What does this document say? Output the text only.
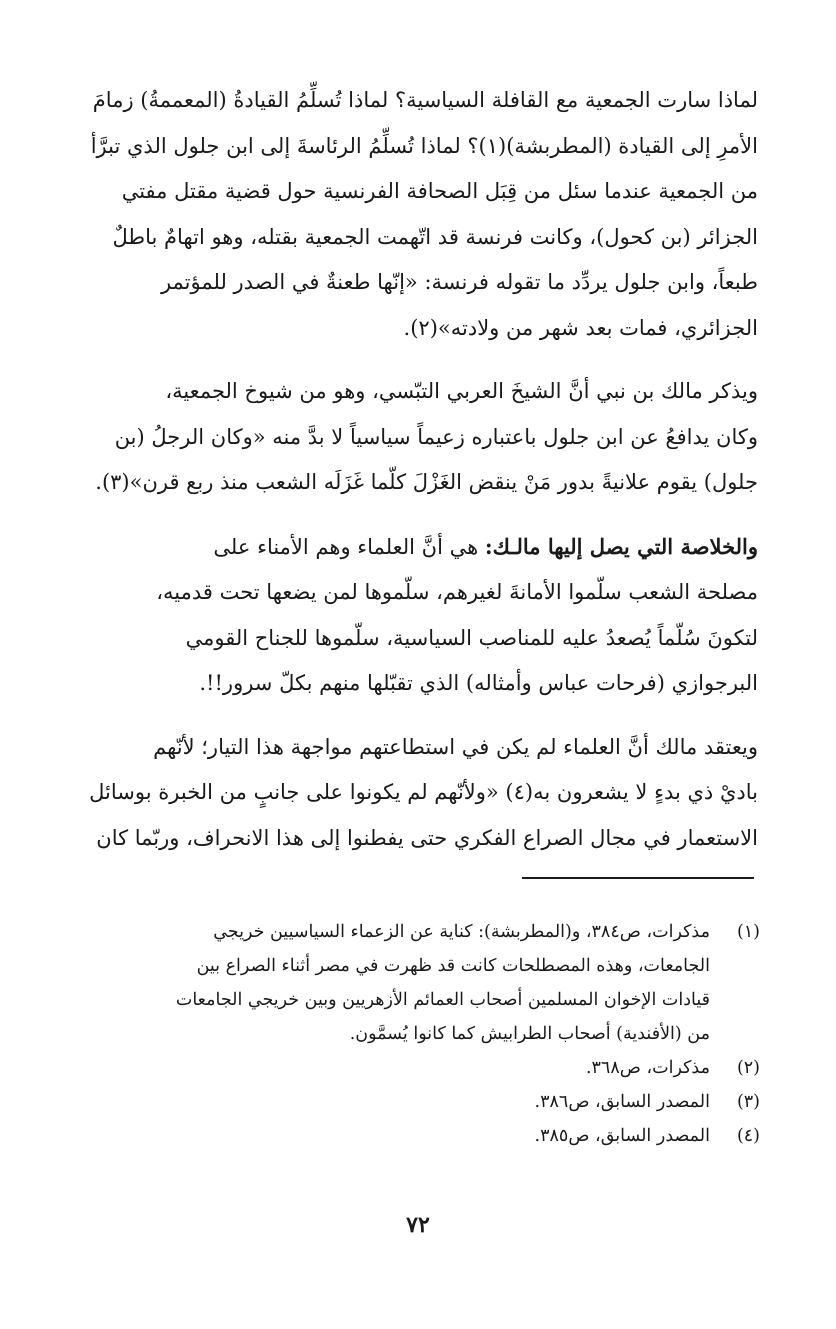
لماذا سارت الجمعية مع القافلة السياسية؟ لماذا تُسلِّمُ القيادةُ (المعممةُ) زمامَ
الأمرِ إلى القيادة (المطربشة)(١)؟ لماذا تُسلِّمُ الرئاسةَ إلى ابن جلول الذي تبرَّأ
من الجمعية عندما سئل من قِبَل الصحافة الفرنسية حول قضية مقتل مفتي
الجزائر (بن كحول)، وكانت فرنسة قد اتّهمت الجمعية بقتله، وهو اتهامٌ باطلٌ
طبعاً، وابن جلول يردِّد ما تقوله فرنسة: «إنّها طعنةٌ في الصدر للمؤتمر
الجزائري، فمات بعد شهر من ولادته»(٢).

ويذكر مالك بن نبي أنَّ الشيخَ العربي التبّسي، وهو من شيوخ الجمعية،
وكان يدافعُ عن ابن جلول باعتباره زعيماً سياسياً لا بدَّ منه «وكان الرجلُ (بن
جلول) يقوم علانيةً بدور مَنْ ينقض الغَزْلَ كلّما غَزَلَه الشعب منذ ربع قرن»(٣).

والخلاصة التي يصل إليها مالـك: هي أنَّ العلماء وهم الأمناء على
مصلحة الشعب سلّموا الأمانةَ لغيرهم، سلّموها لمن يضعها تحت قدميه،
لتكونَ سُلّماً يُصعدُ عليه للمناصب السياسية، سلّموها للجناح القومي
البرجوازي (فرحات عباس وأمثاله) الذي تقبّلها منهم بكلّ سرور!!.

ويعتقد مالك أنَّ العلماء لم يكن في استطاعتهم مواجهة هذا التيار؛ لأنّهم
باديْ ذي بدءٍ لا يشعرون به(٤) «ولأنّهم لم يكونوا على جانبٍ من الخبرة بوسائل
الاستعمار في مجال الصراع الفكري حتى يفطنوا إلى هذا الانحراف، وربّما كان

(١)
مذكرات، ص٣٨٤، و(المطربشة): كناية عن الزعماء السياسيين خريجي
الجامعات، وهذه المصطلحات كانت قد ظهرت في مصر أثناء الصراع بين
قيادات الإخوان المسلمين أصحاب العمائم الأزهريين وبين خريجي الجامعات
من (الأفندية) أصحاب الطرابيش كما كانوا يُسمَّون.
(٢)
مذكرات، ص٣٦٨.
(٣)
المصدر السابق، ص٣٨٦.
(٤)
المصدر السابق، ص٣٨٥.
٧٢
